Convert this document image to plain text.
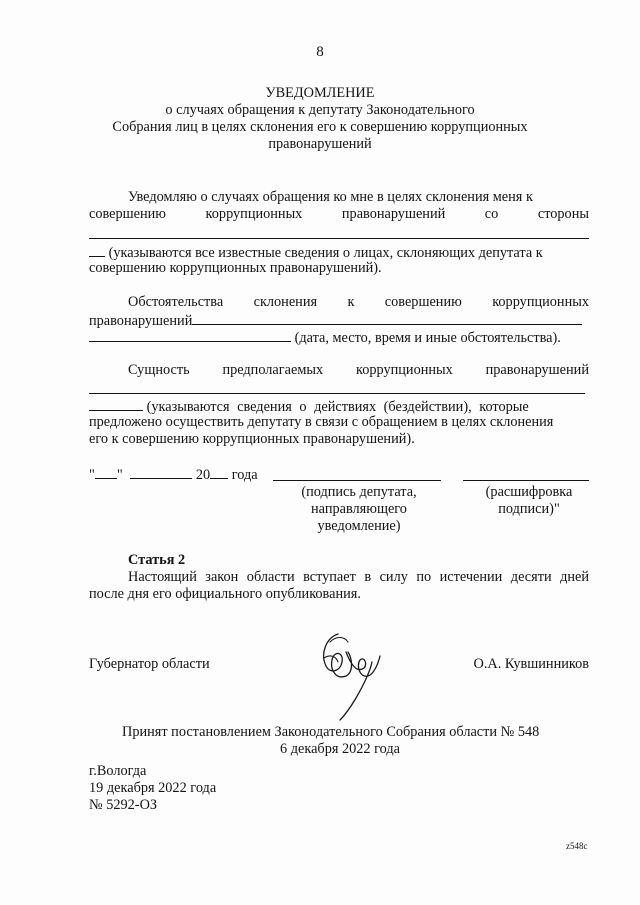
8
УВЕДОМЛЕНИЕ
о случаях обращения к депутату Законодательного
Собрания лиц в целях склонения его к совершению коррупционных
правонарушений
Уведомляю о случаях обращения ко мне в целях склонения меня к
совершению	коррупционных	правонарушений	со	стороны
(указываются все известные сведения о лицах, склоняющих депутата к
совершению коррупционных правонарушений).
Обстоятельства склонения к совершению коррупционных
правонарушений
(дата, место, время и иные обстоятельства).
Сущность предполагаемых коррупционных правонарушений
(указываются сведения о действиях (бездействии), которые
предложено осуществить депутату в связи с обращением в целях склонения
его к совершению коррупционных правонарушений).
" "	20 года
(подпись депутата,
направляющего
уведомление)
(расшифровка
подписи)"
Статья 2
Настоящий закон области вступает в силу по истечении десяти дней
после дня его официального опубликования.
Губернатор области	О.А. Кувшинников
Принят постановлением Законодательного Собрания области № 548
6 декабря 2022 года
г.Вологда
19 декабря 2022 года
№ 5292-ОЗ
z548с
